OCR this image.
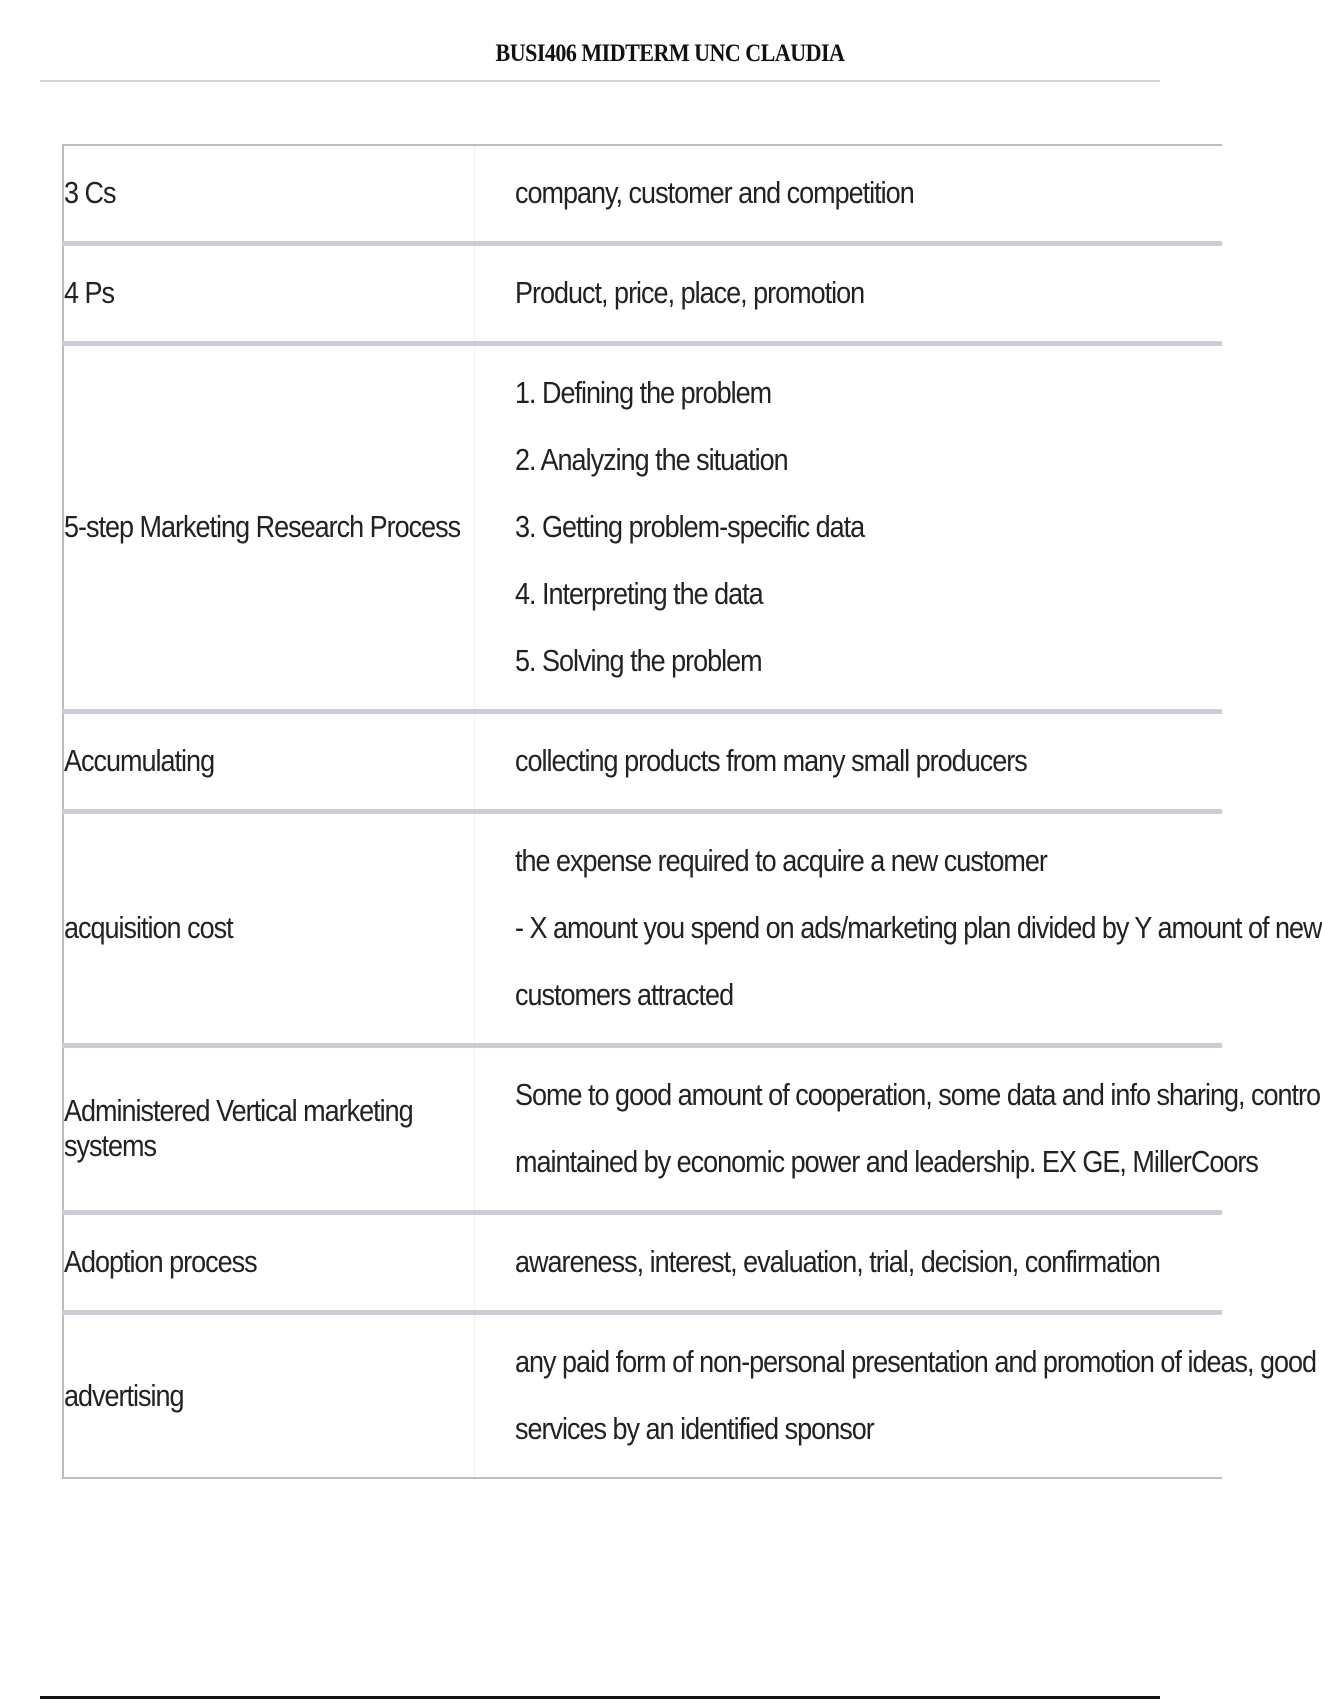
BUSI406 MIDTERM UNC CLAUDIA
3 Cs	company, customer and competition

4 Ps	Product, price, place, promotion

5-step Marketing Research Process	1. Defining the problem
2. Analyzing the situation
3. Getting problem-specific data
4. Interpreting the data
5. Solving the problem

Accumulating	collecting products from many small producers

acquisition cost	the expense required to acquire a new customer
- X amount you spend on ads/marketing plan divided by Y amount of new
customers attracted

Administered Vertical marketing systems	Some to good amount of cooperation, some data and info sharing, contro
maintained by economic power and leadership. EX GE, MillerCoors

Adoption process	awareness, interest, evaluation, trial, decision, confirmation

advertising	any paid form of non-personal presentation and promotion of ideas, good
services by an identified sponsor
